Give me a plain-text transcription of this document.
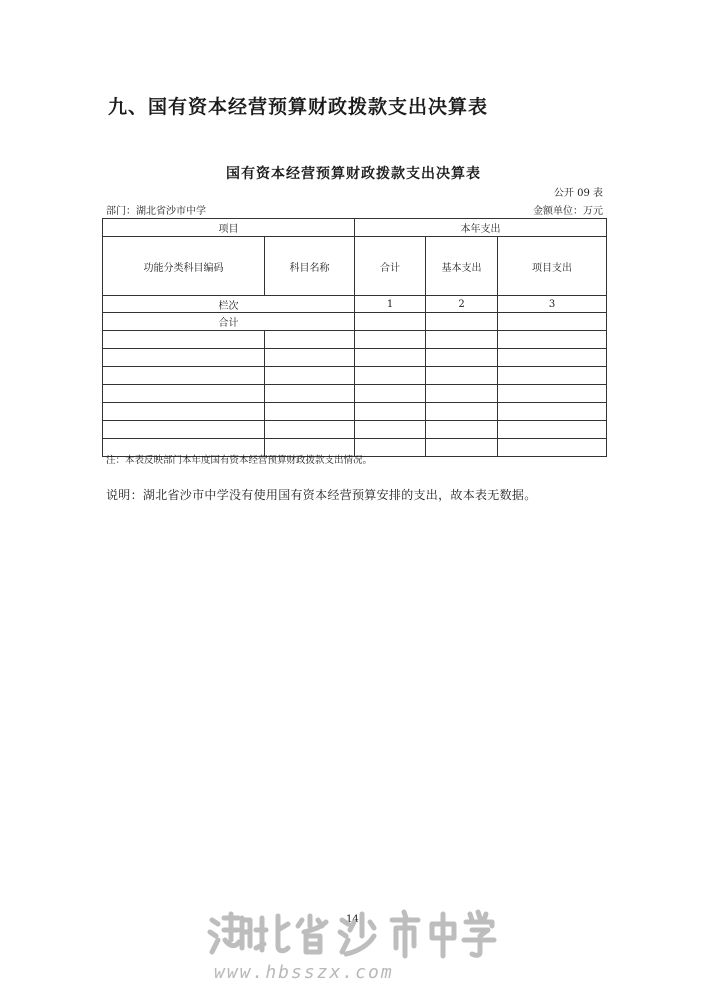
九、国有资本经营预算财政拨款支出决算表
国有资本经营预算财政拨款支出决算表
公开 09 表
部门：湖北省沙市中学	金额单位：万元
项目		本年支出		
功能分类科目编码	科目名称	合计	基本支出	项目支出
栏次		1	2	3
合计				

注：本表反映部门本年度国有资本经营预算财政拨款支出情况。
说明：湖北省沙市中学没有使用国有资本经营预算安排的支出，故本表无数据。
14
www.hbsszx.com
